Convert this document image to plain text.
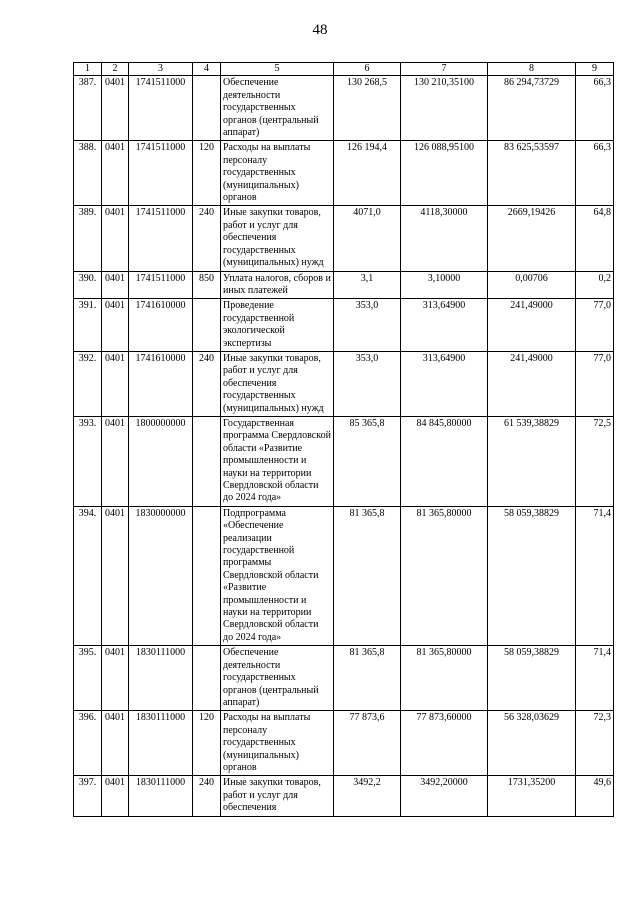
48
1	2	3	4	5	6	7	8	9
387.	0401	1741511000		Обеспечение деятельности государственных органов (центральный аппарат)	130 268,5	130 210,35100	86 294,73729	66,3
388.	0401	1741511000	120	Расходы на выплаты персоналу государственных (муниципальных) органов	126 194,4	126 088,95100	83 625,53597	66,3
389.	0401	1741511000	240	Иные закупки товаров, работ и услуг для обеспечения государственных (муниципальных) нужд	4071,0	4118,30000	2669,19426	64,8
390.	0401	1741511000	850	Уплата налогов, сборов и иных платежей	3,1	3,10000	0,00706	0,2
391.	0401	1741610000		Проведение государственной экологической экспертизы	353,0	313,64900	241,49000	77,0
392.	0401	1741610000	240	Иные закупки товаров, работ и услуг для обеспечения государственных (муниципальных) нужд	353,0	313,64900	241,49000	77,0
393.	0401	1800000000		Государственная программа Свердловской области «Развитие промышленности и науки на территории Свердловской области до 2024 года»	85 365,8	84 845,80000	61 539,38829	72,5
394.	0401	1830000000		Подпрограмма «Обеспечение реализации государственной программы Свердловской области «Развитие промышленности и науки на территории Свердловской области до 2024 года»	81 365,8	81 365,80000	58 059,38829	71,4
395.	0401	1830111000		Обеспечение деятельности государственных органов (центральный аппарат)	81 365,8	81 365,80000	58 059,38829	71,4
396.	0401	1830111000	120	Расходы на выплаты персоналу государственных (муниципальных) органов	77 873,6	77 873,60000	56 328,03629	72,3
397.	0401	1830111000	240	Иные закупки товаров, работ и услуг для обеспечения	3492,2	3492,20000	1731,35200	49,6
